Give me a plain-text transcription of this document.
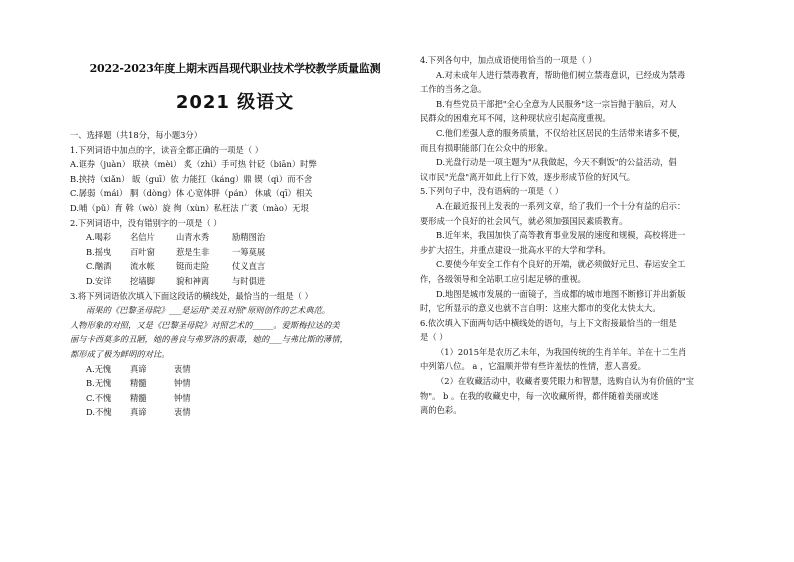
2022-2023年度上期末西昌现代职业技术学校教学质量监测
2021 级语文
一、选择题（共18分，每小题3分）
1.下列词语中加点的字，读音全都正确的一项是（ ）
A.诓券（juàn） 联袂（mèi） 炙（zhì）手可热 针砭（biān）时弊
B.挟持（xiǎn） 皈（guī）依 力能扛（káng）鼎 锲（qì）而不舍
C.孱弱（mái） 胴（dòng）体 心宽体胖（pán） 休戚（qī）相关
D.哺（pǔ）育 斡（wò）旋 徇（xùn）私枉法 广袤（mào）无垠
2.下列词语中，没有错别字的一项是（ ）
A.喝彩	名信片	山青水秀	励精图治
B.摇曳	百叶窗	惹是生非	一筹莫展
C.酗酒	流水帐	铤而走险	仗义直言
D.安详	挖墙脚	貌和神离	与时俱进
3.将下列词语依次填入下面这段话的横线处，最恰当的一组是（ ）
雨果的《巴黎圣母院》___是运用"美丑对照"原则创作的艺术典范。
人物形象的对照，又是《巴黎圣母院》对照艺术的_____。爱斯梅拉达的美
丽与卡西莫多的丑陋，她的善良与弗罗洛的狠毒，她的___与弗比斯的薄情，
都形成了极为鲜明的对比。
A.无愧	真谛	衷情
B.无愧	精髓	钟情
C.不愧	精髓	钟情
D.不愧	真谛	衷情
4.下列各句中，加点成语使用恰当的一项是（ ）
A.对未成年人进行禁毒教育，帮助他们树立禁毒意识，已经成为禁毒
工作的当务之急。
B.有些党员干部把"全心全意为人民服务"这一宗旨抛于脑后，对人
民群众的困难充耳不闻，这种现状应引起高度重视。
C.他们差强人意的服务质量，不仅给社区居民的生活带来诸多不便，
而且有损职能部门在公众中的形象。
D.光盘行动是一项主题为"从我做起，今天不剩饭"的公益活动，倡
议市民"光盘"离开如此上行下效，逐步形成节俭的好风气。
5.下列句子中，没有语病的一项是（ ）
A.在最近报刊上发表的一系列文章，给了我们一个十分有益的启示：
要形成一个良好的社会风气，就必须加强国民素质教育。
B.近年来，我国加快了高等教育事业发展的速度和规模，高校将进一
步扩大招生，并重点建设一批高水平的大学和学科。
C.要使今年安全工作有个良好的开端，就必须做好元旦、春运安全工
作，各级领导和全站职工应引起足够的重视。
D.地图是城市发展的一面镜子，当成都的城市地图不断修订并出新版
时，它所显示的意义也就不言自明：这座大都市的变化太快太大。
6.依次填入下面两句话中横线处的语句，与上下文衔接最恰当的一组是
是（ ）
（1）2015年是农历乙未年，为我国传统的生肖羊年。羊在十二生肖
中列第八位。 a ，它温顺并带有些许羞怯的性情，惹人喜爱。
（2）在收藏活动中，收藏者要凭眼力和智慧，选购自认为有价值的"宝
物"。 b 。在我的收藏史中，每一次收藏所得，都伴随着美丽或迷
离的色彩。
